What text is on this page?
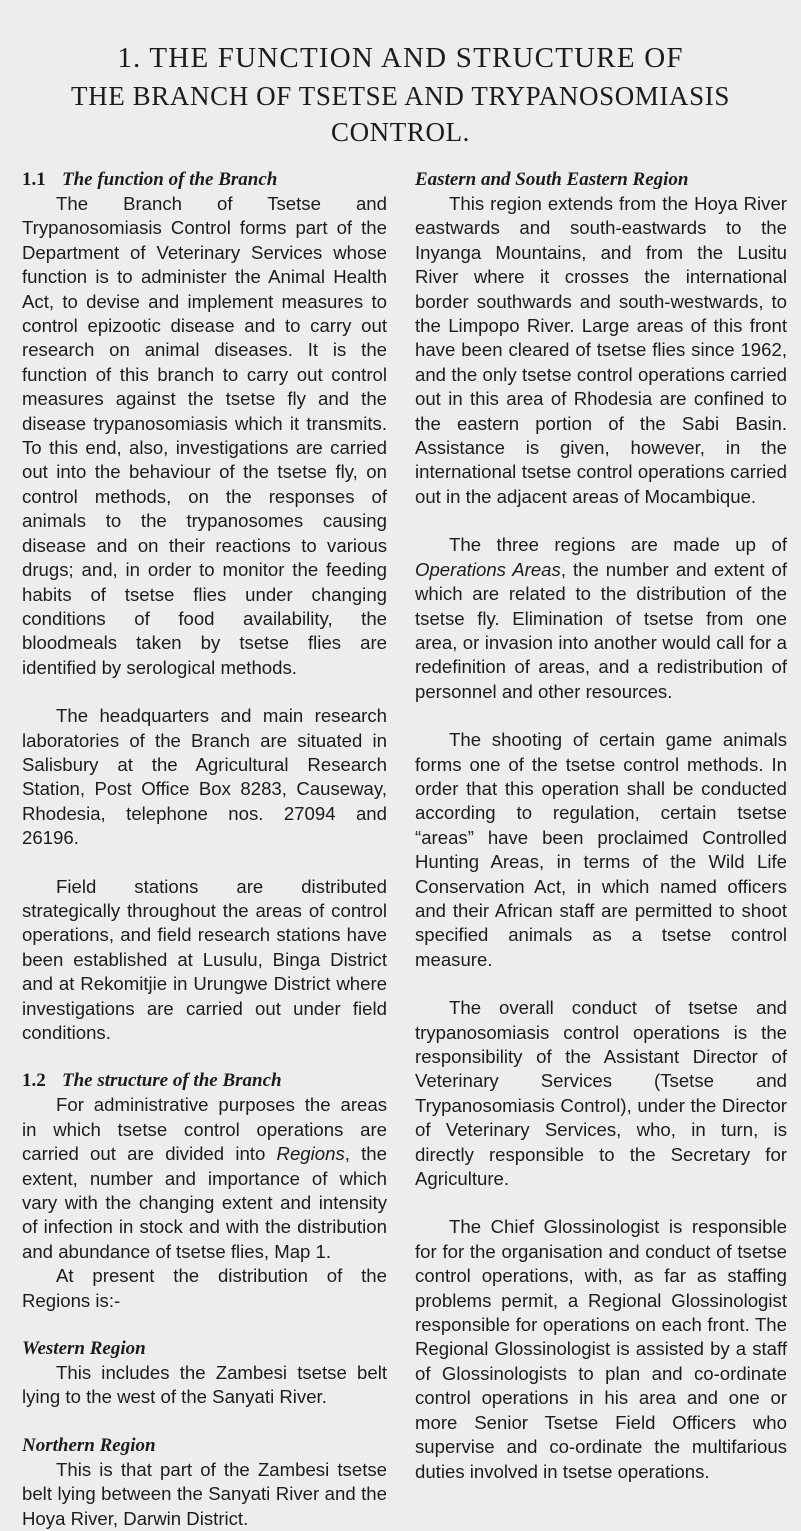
1. THE FUNCTION AND STRUCTURE OF
THE BRANCH OF TSETSE AND TRYPANOSOMIASIS CONTROL.
1.1 The function of the Branch

The Branch of Tsetse and Trypanosomiasis Control forms part of the Department of Veterinary Services whose function is to administer the Animal Health Act, to devise and implement measures to control epizootic disease and to carry out research on animal diseases. It is the function of this branch to carry out control measures against the tsetse fly and the disease trypanosomiasis which it transmits. To this end, also, investigations are carried out into the behaviour of the tsetse fly, on control methods, on the responses of animals to the trypanosomes causing disease and on their reactions to various drugs; and, in order to monitor the feeding habits of tsetse flies under changing conditions of food availability, the bloodmeals taken by tsetse flies are identified by serological methods.

The headquarters and main research laboratories of the Branch are situated in Salisbury at the Agricultural Research Station, Post Office Box 8283, Causeway, Rhodesia, telephone nos. 27094 and 26196.

Field stations are distributed strategically throughout the areas of control operations, and field research stations have been established at Lusulu, Binga District and at Rekomitjie in Urungwe District where investigations are carried out under field conditions.

1.2 The structure of the Branch

For administrative purposes the areas in which tsetse control operations are carried out are divided into Regions, the extent, number and importance of which vary with the changing extent and intensity of infection in stock and with the distribution and abundance of tsetse flies, Map 1.

At present the distribution of the Regions is:-

Western Region

This includes the Zambesi tsetse belt lying to the west of the Sanyati River.

Northern Region

This is that part of the Zambesi tsetse belt lying between the Sanyati River and the Hoya River, Darwin District.

Eastern and South Eastern Region

This region extends from the Hoya River eastwards and south-eastwards to the Inyanga Mountains, and from the Lusitu River where it crosses the international border southwards and south-westwards, to the Limpopo River. Large areas of this front have been cleared of tsetse flies since 1962, and the only tsetse control operations carried out in this area of Rhodesia are confined to the eastern portion of the Sabi Basin. Assistance is given, however, in the international tsetse control operations carried out in the adjacent areas of Mocambique.

The three regions are made up of Operations Areas, the number and extent of which are related to the distribution of the tsetse fly. Elimination of tsetse from one area, or invasion into another would call for a redefinition of areas, and a redistribution of personnel and other resources.

The shooting of certain game animals forms one of the tsetse control methods. In order that this operation shall be conducted according to regulation, certain tsetse “areas” have been proclaimed Controlled Hunting Areas, in terms of the Wild Life Conservation Act, in which named officers and their African staff are permitted to shoot specified animals as a tsetse control measure.

The overall conduct of tsetse and trypanosomiasis control operations is the responsibility of the Assistant Director of Veterinary Services (Tsetse and Trypanosomiasis Control), under the Director of Veterinary Services, who, in turn, is directly responsible to the Secretary for Agriculture.

The Chief Glossinologist is responsible for for the organisation and conduct of tsetse control operations, with, as far as staffing problems permit, a Regional Glossinologist responsible for operations on each front. The Regional Glossinologist is assisted by a staff of Glossinologists to plan and co-ordinate control operations in his area and one or more Senior Tsetse Field Officers who supervise and co-ordinate the multifarious duties involved in tsetse operations.
